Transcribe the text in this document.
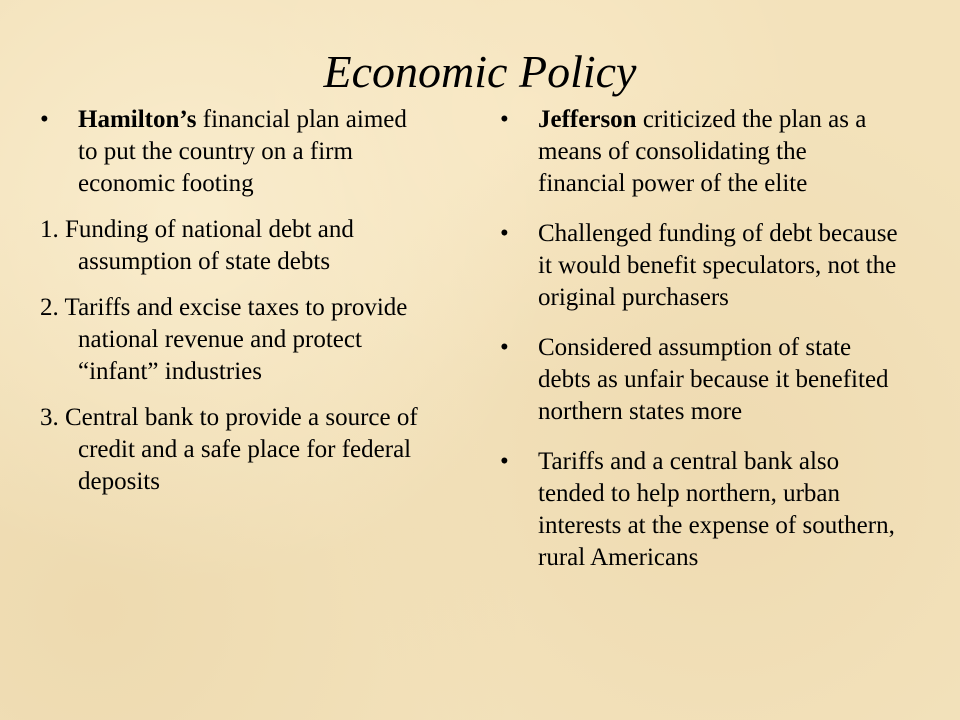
Economic Policy

•	Hamilton’s financial plan aimed to put the country on a firm economic footing

1. Funding of national debt and assumption of state debts

2. Tariffs and excise taxes to provide national revenue and protect “infant” industries

3. Central bank to provide a source of credit and a safe place for federal deposits

•	Jefferson criticized the plan as a means of consolidating the financial power of the elite

•	Challenged funding of debt because it would benefit speculators, not the original purchasers

•	Considered assumption of state debts as unfair because it benefited northern states more

•	Tariffs and a central bank also tended to help northern, urban interests at the expense of southern, rural Americans
